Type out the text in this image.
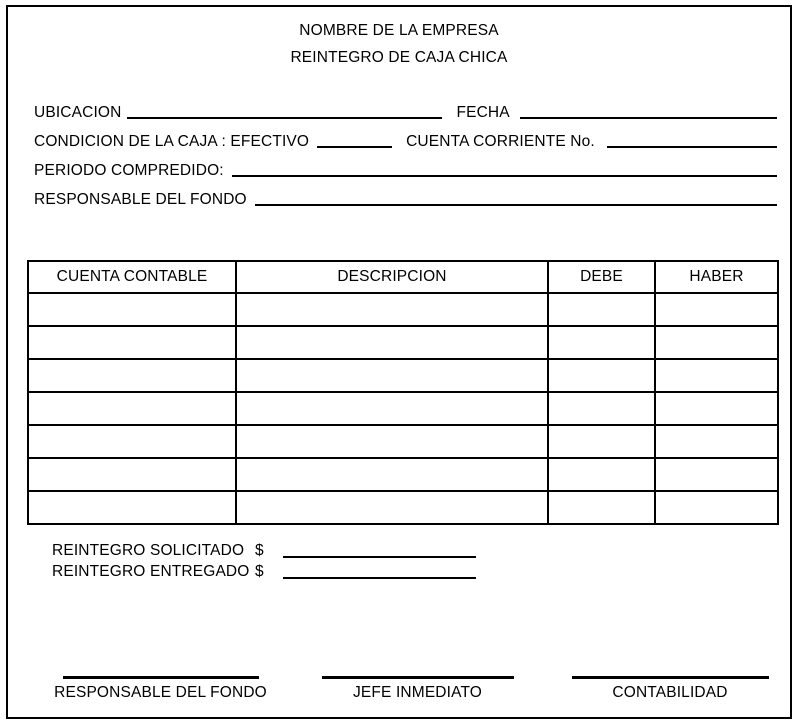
NOMBRE DE LA EMPRESA
REINTEGRO DE CAJA CHICA
UBICACION	FECHA
CONDICION DE LA CAJA : EFECTIVO	CUENTA CORRIENTE No.
PERIODO COMPREDIDO:
RESPONSABLE DEL FONDO
CUENTA CONTABLE	DESCRIPCION	DEBE	HABER

REINTEGRO SOLICITADO $
REINTEGRO ENTREGADO $
RESPONSABLE DEL FONDO	JEFE INMEDIATO	CONTABILIDAD
